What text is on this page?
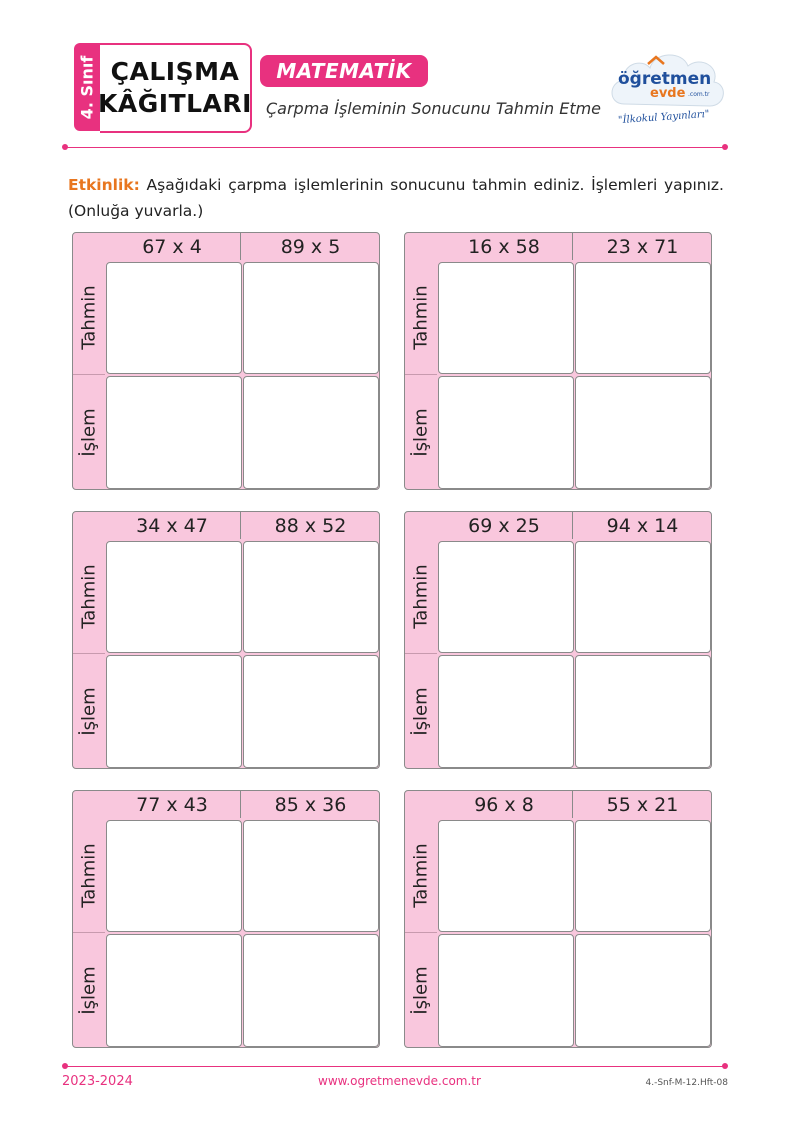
4. Sınıf ÇALIŞMA
KÂĞITLARI
MATEMATİK
Çarpma İşleminin Sonucunu Tahmin Etme
öğretmen
evde .com.tr
"İlkokul Yayınları"
Etkinlik: Aşağıdaki çarpma işlemlerinin sonucunu tahmin ediniz. İşlemleri yapınız. (Onluğa yuvarla.)
67 x 4	89 x 5
Tahmin
İşlem
16 x 58	23 x 71
Tahmin
İşlem
34 x 47	88 x 52
Tahmin
İşlem
69 x 25	94 x 14
Tahmin
İşlem
77 x 43	85 x 36
Tahmin
İşlem
96 x 8	55 x 21
Tahmin
İşlem
2023-2024	www.ogretmenevde.com.tr	4.-Snf-M-12.Hft-08
